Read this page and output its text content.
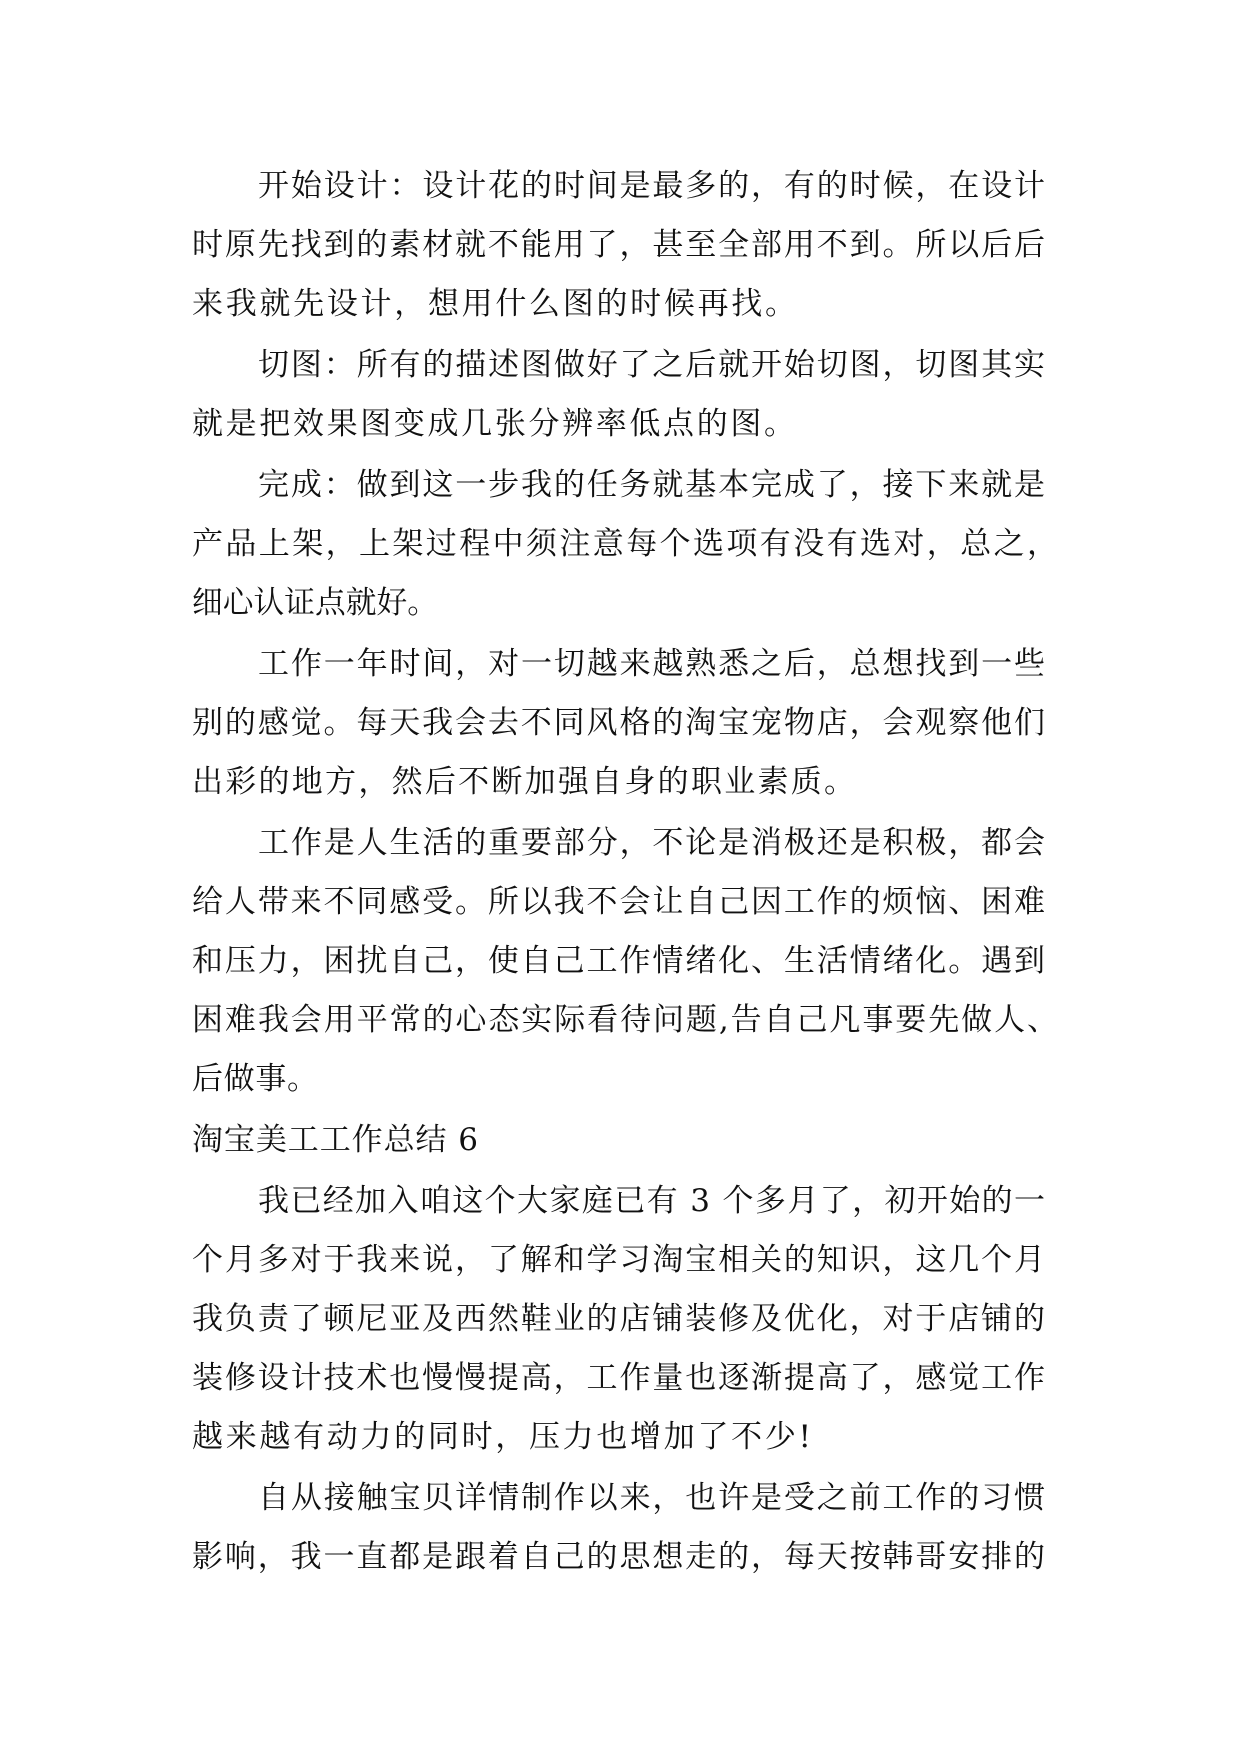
开始设计：设计花的时间是最多的，有的时候，在设计
时原先找到的素材就不能用了，甚至全部用不到。所以后后
来我就先设计，想用什么图的时候再找。
切图：所有的描述图做好了之后就开始切图，切图其实
就是把效果图变成几张分辨率低点的图。
完成：做到这一步我的任务就基本完成了，接下来就是
产品上架，上架过程中须注意每个选项有没有选对，总之，
细心认证点就好。
工作一年时间，对一切越来越熟悉之后，总想找到一些
别的感觉。每天我会去不同风格的淘宝宠物店，会观察他们
出彩的地方，然后不断加强自身的职业素质。
工作是人生活的重要部分，不论是消极还是积极，都会
给人带来不同感受。所以我不会让自己因工作的烦恼、困难
和压力，困扰自己，使自己工作情绪化、生活情绪化。遇到
困难我会用平常的心态实际看待问题,告自己凡事要先做人、
后做事。
淘宝美工工作总结 6
我已经加入咱这个大家庭已有 3 个多月了，初开始的一
个月多对于我来说，了解和学习淘宝相关的知识，这几个月
我负责了顿尼亚及西然鞋业的店铺装修及优化，对于店铺的
装修设计技术也慢慢提高，工作量也逐渐提高了，感觉工作
越来越有动力的同时，压力也增加了不少!
自从接触宝贝详情制作以来，也许是受之前工作的习惯
影响，我一直都是跟着自己的思想走的，每天按韩哥安排的
